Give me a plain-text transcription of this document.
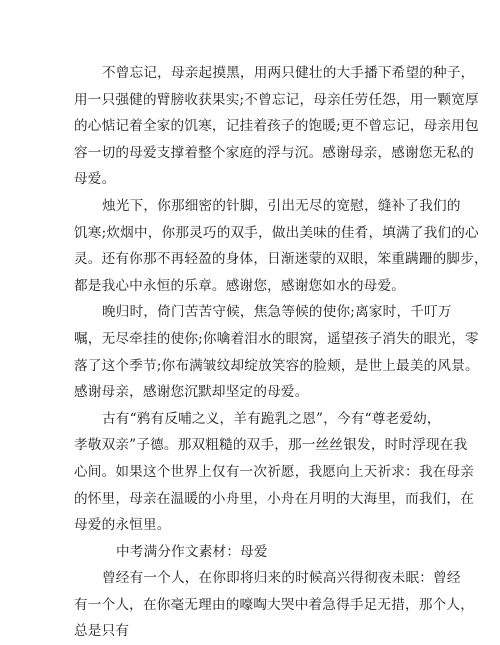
不曾忘记，母亲起摸黑，用两只健壮的大手播下希望的种子，
用一只强健的臂膀收获果实;不曾忘记，母亲任劳任怨，用一颗宽厚
的心惦记着全家的饥寒，记挂着孩子的饱暖;更不曾忘记，母亲用包
容一切的母爱支撑着整个家庭的浮与沉。感谢母亲，感谢您无私的
母爱。
烛光下，你那细密的针脚，引出无尽的宽慰，缝补了我们的
饥寒;炊烟中，你那灵巧的双手，做出美味的佳肴，填满了我们的心
灵。还有你那不再轻盈的身体，日渐迷蒙的双眼，笨重蹒跚的脚步，
都是我心中永恒的乐章。感谢您，感谢您如水的母爱。
晚归时，倚门苦苦守候，焦急等候的使你;离家时，千叮万
嘱，无尽牵挂的使你;你噙着泪水的眼窝，遥望孩子消失的眼光，零
落了这个季节;你布满皱纹却绽放笑容的脸颊，是世上最美的风景。
感谢母亲，感谢您沉默却坚定的母爱。
古有“鸦有反哺之义，羊有跪乳之恩”，今有“尊老爱幼，
孝敬双亲”子德。那双粗糙的双手，那一丝丝银发，时时浮现在我
心间。如果这个世界上仅有一次祈愿，我愿向上天祈求：我在母亲
的怀里，母亲在温暖的小舟里，小舟在月明的大海里，而我们，在
母爱的永恒里。
中考满分作文素材：母爱
曾经有一个人，在你即将归来的时候高兴得彻夜未眠：曾经
有一个人，在你毫无理由的嚎啕大哭中着急得手足无措，那个人，
总是只有
